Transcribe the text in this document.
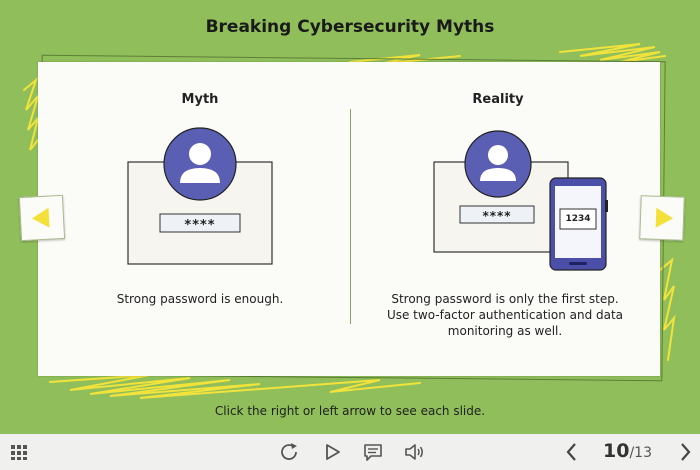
Breaking Cybersecurity Myths
Myth
****
Strong password is enough.
Reality
****	1234
Strong password is only the first step.
Use two-factor authentication and data
monitoring as well.
Click the right or left arrow to see each slide.
10/13
